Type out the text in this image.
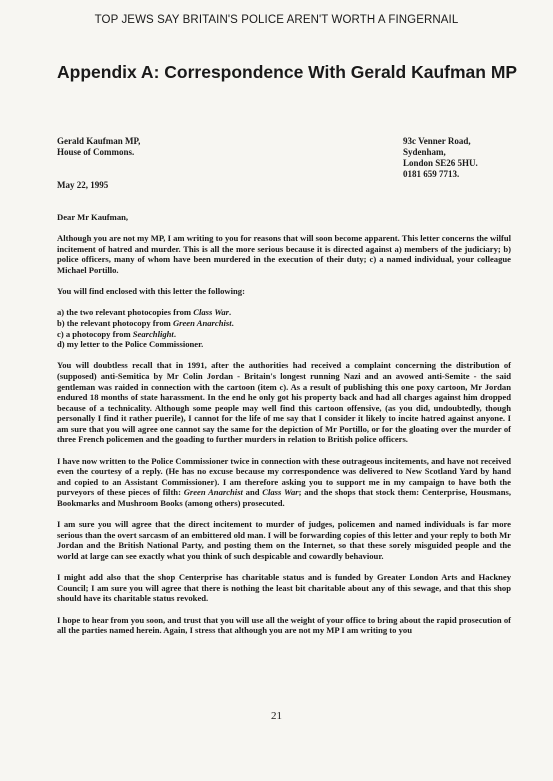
TOP JEWS SAY BRITAIN'S POLICE AREN'T WORTH A FINGERNAIL
Appendix A: Correspondence With Gerald Kaufman MP
Gerald Kaufman MP,
House of Commons.
93c Venner Road,
Sydenham,
London SE26 5HU.
0181 659 7713.
May 22, 1995

Dear Mr Kaufman,

Although you are not my MP, I am writing to you for reasons that will soon become apparent. This letter concerns the wilful incitement of hatred and murder. This is all the more serious because it is directed against a) members of the judiciary; b) police officers, many of whom have been murdered in the execution of their duty; c) a named individual, your colleague Michael Portillo.

You will find enclosed with this letter the following:

a) the two relevant photocopies from Class War.
b) the relevant photocopy from Green Anarchist.
c) a photocopy from Searchlight.
d) my letter to the Police Commissioner.

You will doubtless recall that in 1991, after the authorities had received a complaint concerning the distribution of (supposed) anti-Semitica by Mr Colin Jordan - Britain's longest running Nazi and an avowed anti-Semite - the said gentleman was raided in connection with the cartoon (item c). As a result of publishing this one poxy cartoon, Mr Jordan endured 18 months of state harassment. In the end he only got his property back and had all charges against him dropped because of a technicality. Although some people may well find this cartoon offensive, (as you did, undoubtedly, though personally I find it rather puerile), I cannot for the life of me say that I consider it likely to incite hatred against anyone. I am sure that you will agree one cannot say the same for the depiction of Mr Portillo, or for the gloating over the murder of three French policemen and the goading to further murders in relation to British police officers.

I have now written to the Police Commissioner twice in connection with these outrageous incitements, and have not received even the courtesy of a reply. (He has no excuse because my correspondence was delivered to New Scotland Yard by hand and copied to an Assistant Commissioner). I am therefore asking you to support me in my campaign to have both the purveyors of these pieces of filth: Green Anarchist and Class War; and the shops that stock them: Centerprise, Housmans, Bookmarks and Mushroom Books (among others) prosecuted.

I am sure you will agree that the direct incitement to murder of judges, policemen and named individuals is far more serious than the overt sarcasm of an embittered old man. I will be forwarding copies of this letter and your reply to both Mr Jordan and the British National Party, and posting them on the Internet, so that these sorely misguided people and the world at large can see exactly what you think of such despicable and cowardly behaviour.

I might add also that the shop Centerprise has charitable status and is funded by Greater London Arts and Hackney Council; I am sure you will agree that there is nothing the least bit charitable about any of this sewage, and that this shop should have its charitable status revoked.

I hope to hear from you soon, and trust that you will use all the weight of your office to bring about the rapid prosecution of all the parties named herein. Again, I stress that although you are not my MP I am writing to you

21
